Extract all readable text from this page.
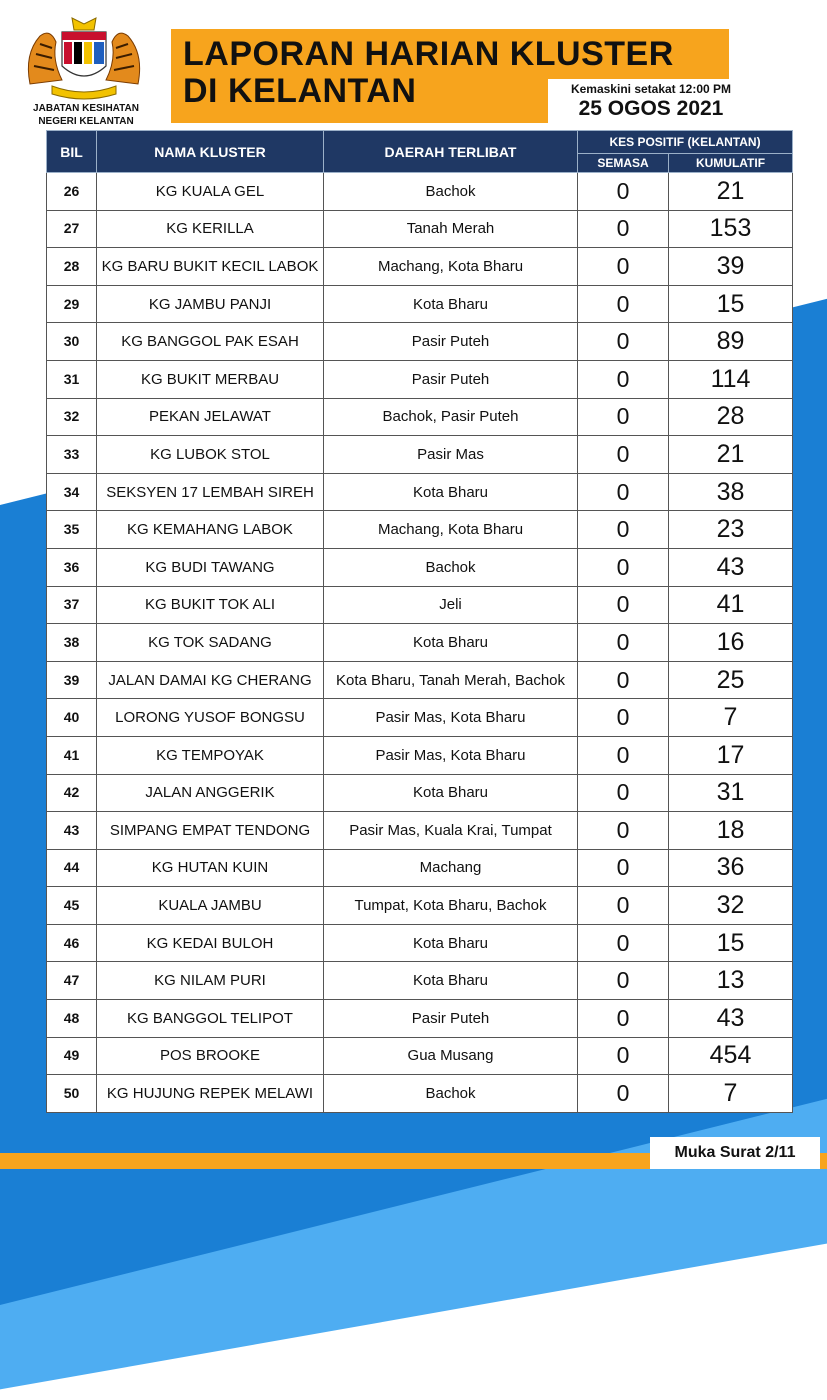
JABATAN KESIHATAN
NEGERI KELANTAN
LAPORAN HARIAN KLUSTER
DI KELANTAN	Kemaskini setakat 12:00 PM
25 OGOS 2021
BIL	NAMA KLUSTER	DAERAH TERLIBAT	KES POSITIF (KELANTAN)	
			SEMASA	KUMULATIF
26	KG KUALA GEL	Bachok	0	21
27	KG KERILLA	Tanah Merah	0	153
28	KG BARU BUKIT KECIL LABOK	Machang, Kota Bharu	0	39
29	KG JAMBU PANJI	Kota Bharu	0	15
30	KG BANGGOL PAK ESAH	Pasir Puteh	0	89
31	KG BUKIT MERBAU	Pasir Puteh	0	114
32	PEKAN JELAWAT	Bachok, Pasir Puteh	0	28
33	KG LUBOK STOL	Pasir Mas	0	21
34	SEKSYEN 17 LEMBAH SIREH	Kota Bharu	0	38
35	KG KEMAHANG LABOK	Machang, Kota Bharu	0	23
36	KG BUDI TAWANG	Bachok	0	43
37	KG BUKIT TOK ALI	Jeli	0	41
38	KG TOK SADANG	Kota Bharu	0	16
39	JALAN DAMAI KG CHERANG	Kota Bharu, Tanah Merah, Bachok	0	25
40	LORONG YUSOF BONGSU	Pasir Mas, Kota Bharu	0	7
41	KG TEMPOYAK	Pasir Mas, Kota Bharu	0	17
42	JALAN ANGGERIK	Kota Bharu	0	31
43	SIMPANG EMPAT TENDONG	Pasir Mas, Kuala Krai, Tumpat	0	18
44	KG HUTAN KUIN	Machang	0	36
45	KUALA JAMBU	Tumpat, Kota Bharu, Bachok	0	32
46	KG KEDAI BULOH	Kota Bharu	0	15
47	KG NILAM PURI	Kota Bharu	0	13
48	KG BANGGOL TELIPOT	Pasir Puteh	0	43
49	POS BROOKE	Gua Musang	0	454
50	KG HUJUNG REPEK MELAWI	Bachok	0	7
Muka Surat 2/11
